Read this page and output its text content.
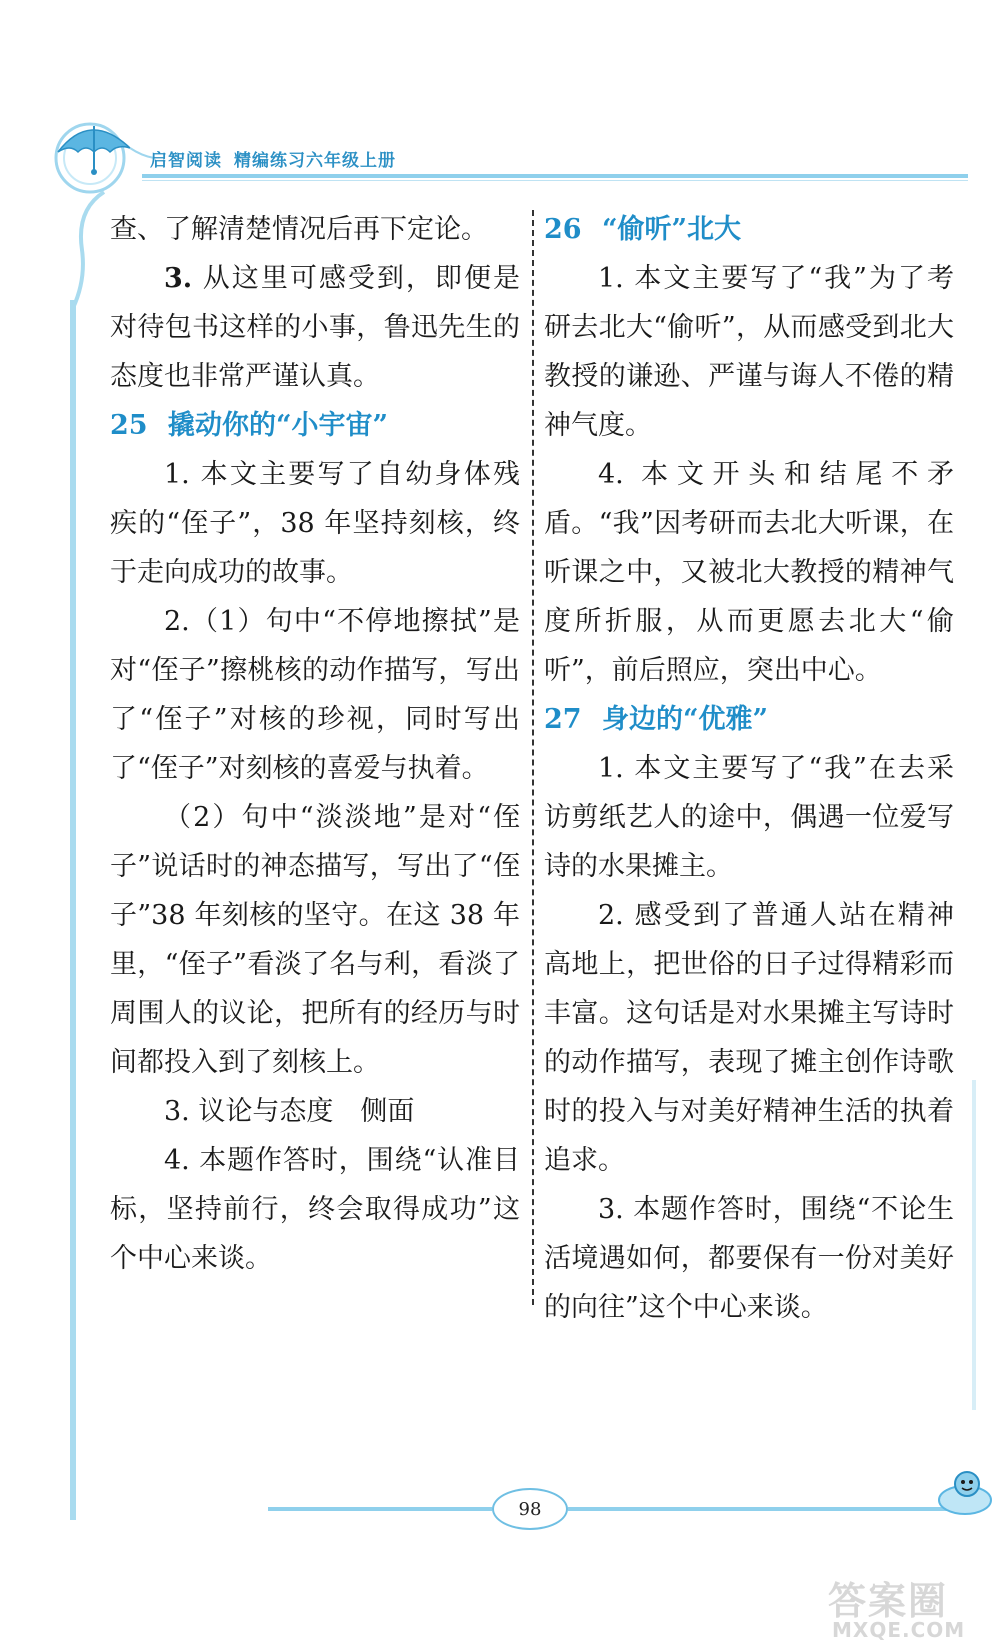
启智阅读 精编练习六年级上册

查、了解清楚情况后再下定论。

3. 从这里可感受到，即便是对待包书这样的小事，鲁迅先生的态度也非常严谨认真。

25 撬动你的“小宇宙”

1. 本文主要写了自幼身体残疾的“侄子”，38 年坚持刻核，终于走向成功的故事。

2.（1）句中“不停地擦拭”是对“侄子”擦桃核的动作描写，写出了“侄子”对核的珍视，同时写出了“侄子”对刻核的喜爱与执着。

（2）句中“淡淡地”是对“侄子”说话时的神态描写，写出了“侄子”38 年刻核的坚守。在这 38 年里，“侄子”看淡了名与利，看淡了周围人的议论，把所有的经历与时间都投入到了刻核上。

3. 议论与态度　侧面

4. 本题作答时，围绕“认准目标，坚持前行，终会取得成功”这个中心来谈。

26 “偷听”北大

1. 本文主要写了“我”为了考研去北大“偷听”，从而感受到北大教授的谦逊、严谨与诲人不倦的精神气度。

4. 本文开头和结尾不矛盾。“我”因考研而去北大听课，在听课之中，又被北大教授的精神气度所折服，从而更愿去北大“偷听”，前后照应，突出中心。

27 身边的“优雅”

1. 本文主要写了“我”在去采访剪纸艺人的途中，偶遇一位爱写诗的水果摊主。

2. 感受到了普通人站在精神高地上，把世俗的日子过得精彩而丰富。这句话是对水果摊主写诗时的动作描写，表现了摊主创作诗歌时的投入与对美好精神生活的执着追求。

3. 本题作答时，围绕“不论生活境遇如何，都要保有一份对美好的向往”这个中心来谈。

98
答案圈
MXQE.COM
